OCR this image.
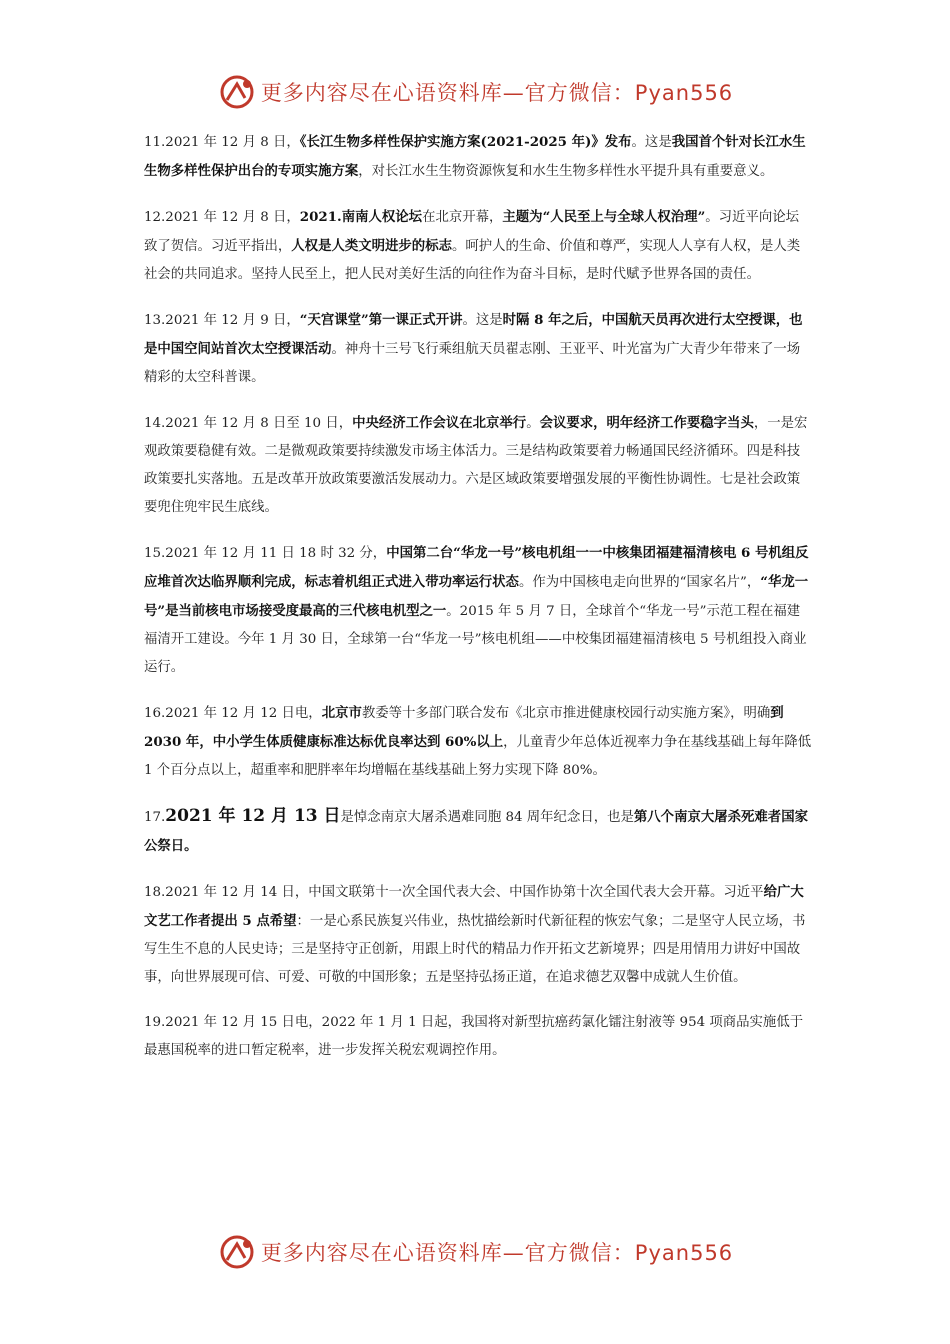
更多内容尽在心语资料库—官方微信：Pyan556

11.2021 年 12 月 8 日，《长江生物多样性保护实施方案(2021-2025 年)》发布。这是我国首个针对长江水生生物多样性保护出台的专项实施方案，对长江水生生物资源恢复和水生生物多样性水平提升具有重要意义。

12.2021 年 12 月 8 日，2021.南南人权论坛在北京开幕，主题为“人民至上与全球人权治理”。习近平向论坛致了贺信。习近平指出，人权是人类文明进步的标志。呵护人的生命、价值和尊严，实现人人享有人权，是人类社会的共同追求。坚持人民至上，把人民对美好生活的向往作为奋斗目标，是时代赋予世界各国的责任。

13.2021 年 12 月 9 日，“天宫课堂”第一课正式开讲。这是时隔 8 年之后，中国航天员再次进行太空授课，也是中国空间站首次太空授课活动。神舟十三号飞行乘组航天员翟志刚、王亚平、叶光富为广大青少年带来了一场精彩的太空科普课。

14.2021 年 12 月 8 日至 10 日，中央经济工作会议在北京举行。会议要求，明年经济工作要稳字当头，一是宏观政策要稳健有效。二是微观政策要持续激发市场主体活力。三是结构政策要着力畅通国民经济循环。四是科技政策要扎实落地。五是改革开放政策要激活发展动力。六是区域政策要增强发展的平衡性协调性。七是社会政策要兜住兜牢民生底线。

15.2021 年 12 月 11 日 18 时 32 分，中国第二台“华龙一号”核电机组一一中核集团福建福清核电 6 号机组反应堆首次达临界顺利完成，标志着机组正式进入带功率运行状态。作为中国核电走向世界的“国家名片”，“华龙一号”是当前核电市场接受度最高的三代核电机型之一。2015 年 5 月 7 日，全球首个“华龙一号”示范工程在福建福清开工建设。今年 1 月 30 日，全球第一台“华龙一号”核电机组——中校集团福建福清核电 5 号机组投入商业运行。

16.2021 年 12 月 12 日电，北京市教委等十多部门联合发布《北京市推进健康校园行动实施方案》，明确到 2030 年，中小学生体质健康标准达标优良率达到 60%以上，儿童青少年总体近视率力争在基线基础上每年降低 1 个百分点以上，超重率和肥胖率年均增幅在基线基础上努力实现下降 80%。

17.2021 年 12 月 13 日是悼念南京大屠杀遇难同胞 84 周年纪念日，也是第八个南京大屠杀死难者国家公祭日。

18.2021 年 12 月 14 日，中国文联第十一次全国代表大会、中国作协第十次全国代表大会开幕。习近平给广大文艺工作者提出 5 点希望：一是心系民族复兴伟业，热忱描绘新时代新征程的恢宏气象；二是坚守人民立场，书写生生不息的人民史诗；三是坚持守正创新，用跟上时代的精品力作开拓文艺新境界；四是用情用力讲好中国故事，向世界展现可信、可爱、可敬的中国形象；五是坚持弘扬正道，在追求德艺双馨中成就人生价值。

19.2021 年 12 月 15 日电，2022 年 1 月 1 日起，我国将对新型抗癌药氯化镭注射液等 954 项商品实施低于最惠国税率的进口暂定税率，进一步发挥关税宏观调控作用。

更多内容尽在心语资料库—官方微信：Pyan556
